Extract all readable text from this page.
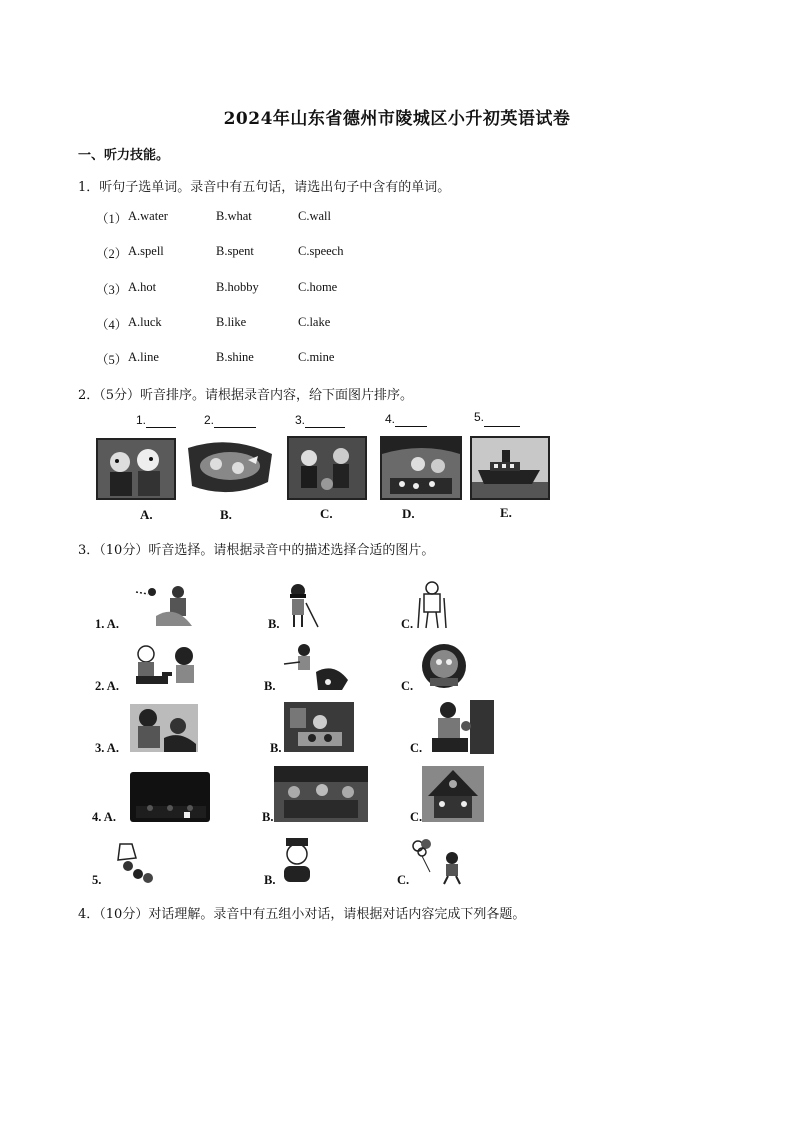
2024年山东省德州市陵城区小升初英语试卷
一、听力技能。
1．听句子选单词。录音中有五句话，请选出句子中含有的单词。
（1） A.water	B.what	C.wall
（2） A.spell	B.spent	C.speech
（3） A.hot	B.hobby	C.home
（4） A.luck	B.like	C.lake
（5） A.line	B.shine	C.mine
2．（5分）听音排序。请根据录音内容，给下面图片排序。
1.	2.	3.	4.	5.
A.	B.	C.	D.	E.
3．（10分）听音选择。请根据录音中的描述选择合适的图片。
1. A.	B.	C.
2. A.	B.	C.
3. A.	B.	C.
4. A.	B.	C.
5.	B.	C.
4．（10分）对话理解。录音中有五组小对话，请根据对话内容完成下列各题。
